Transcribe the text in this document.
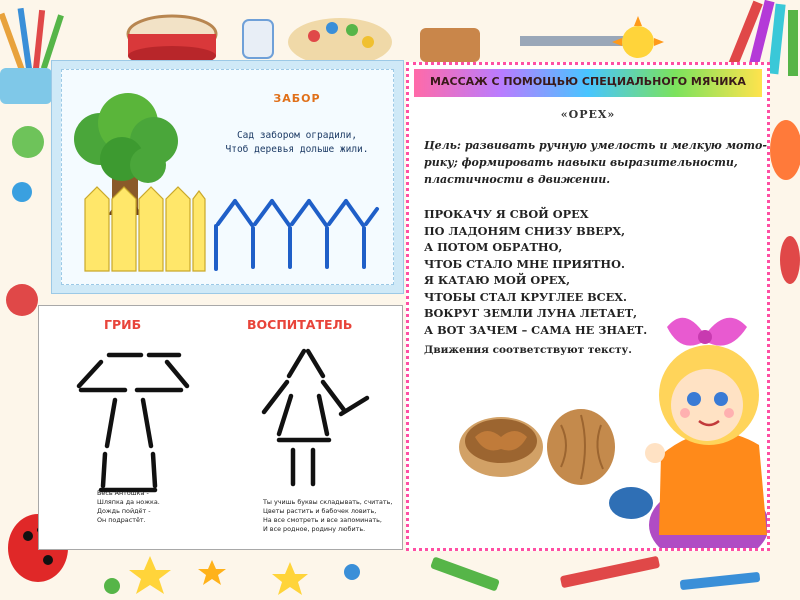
ЗАБОР
Сад забором оградили,
Чтоб деревья дольше жили.
ГРИБ	ВОСПИТАТЕЛЬ
Весь Антошка -
Шляпка да ножка.
Дождь пойдёт -
Он подрастёт.
Ты учишь буквы складывать, считать,
Цветы растить и бабочек ловить,
На все смотреть и все запоминать,
И все родное, родину любить.
МАССАЖ С ПОМОЩЬЮ СПЕЦИАЛЬНОГО МЯЧИКА
«ОРЕХ»
Цель: развивать ручную умелость и мелкую мото-
рику; формировать навыки выразительности,
пластичности в движении.
ПРОКАЧУ Я СВОЙ ОРЕХ
ПО ЛАДОНЯМ СНИЗУ ВВЕРХ,
А ПОТОМ ОБРАТНО,
ЧТОБ СТАЛО МНЕ ПРИЯТНО.
Я КАТАЮ МОЙ ОРЕХ,
ЧТОБЫ СТАЛ КРУГЛЕЕ ВСЕХ.
ВОКРУГ ЗЕМЛИ ЛУНА ЛЕТАЕТ,
А ВОТ ЗАЧЕМ – САМА НЕ ЗНАЕТ.
Движения соответствуют тексту.
